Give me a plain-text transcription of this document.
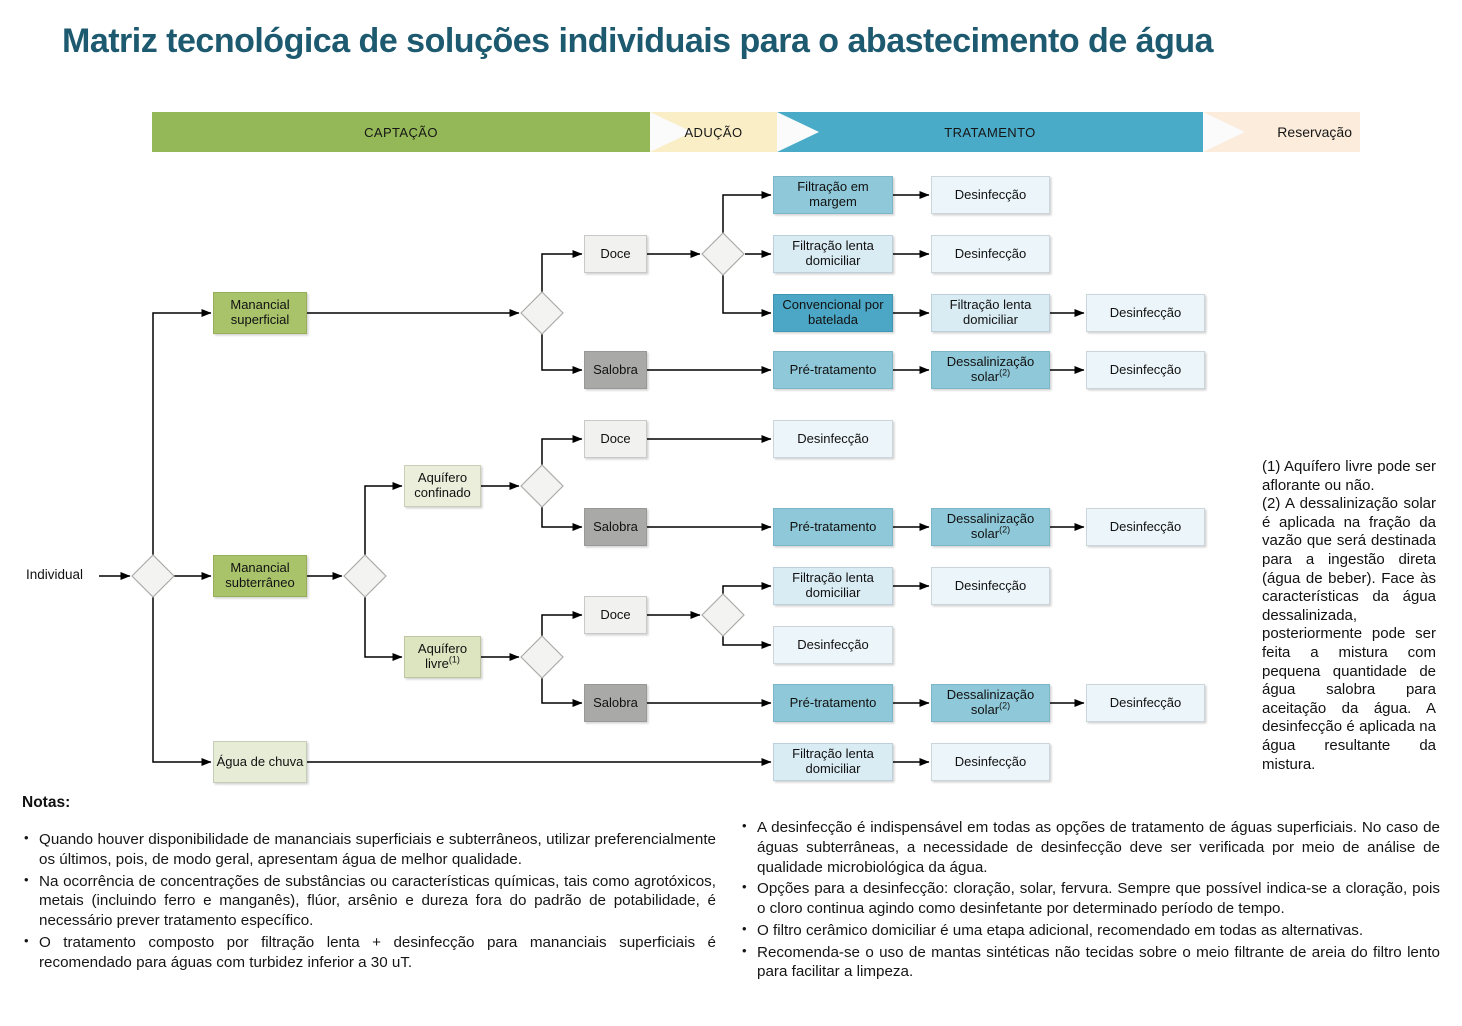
Matriz tecnológica de soluções individuais para o abastecimento de água
CAPTAÇÃO	ADUÇÃO	TRATAMENTO	Reservação
Individual
Manancial superficial
Manancial subterrâneo
Água de chuva
Aquífero confinado
Aquífero livre$^{(1)}$
Doce
Salobra
Doce
Salobra
Doce
Salobra
Filtração em margem
Filtração lenta domiciliar
Convencional por batelada
Pré-tratamento
Desinfecção
Pré-tratamento
Filtração lenta domiciliar
Desinfecção
Pré-tratamento
Filtração lenta domiciliar
Desinfecção
Desinfecção
Filtração lenta domiciliar
Dessalinização solar$^{(2)}$
Dessalinização solar$^{(2)}$
Desinfecção
Dessalinização solar$^{(2)}$
Desinfecção
Desinfecção
Desinfecção
Desinfecção
Desinfecção

(1) Aquífero livre pode ser aflorante ou não.

(2) A dessalinização solar é aplicada na fração da vazão que será destinada para a ingestão direta (água de beber). Face às características da água dessalinizada, posteriormente pode ser feita a mistura com pequena quantidade de água salobra para aceitação da água. A desinfecção é aplicada na água resultante da mistura.

Notas:
• Quando houver disponibilidade de mananciais superficiais e subterrâneos, utilizar preferencialmente os últimos, pois, de modo geral, apresentam água de melhor qualidade.
• Na ocorrência de concentrações de substâncias ou características químicas, tais como agrotóxicos, metais (incluindo ferro e manganês), flúor, arsênio e dureza fora do padrão de potabilidade, é necessário prever tratamento específico.
• O tratamento composto por filtração lenta + desinfecção para mananciais superficiais é recomendado para águas com turbidez inferior a 30 uT.
• A desinfecção é indispensável em todas as opções de tratamento de águas superficiais. No caso de águas subterrâneas, a necessidade de desinfecção deve ser verificada por meio de análise de qualidade microbiológica da água.
• Opções para a desinfecção: cloração, solar, fervura. Sempre que possível indica-se a cloração, pois o cloro continua agindo como desinfetante por determinado período de tempo.
• O filtro cerâmico domiciliar é uma etapa adicional, recomendado em todas as alternativas.
• Recomenda-se o uso de mantas sintéticas não tecidas sobre o meio filtrante de areia do filtro lento para facilitar a limpeza.
